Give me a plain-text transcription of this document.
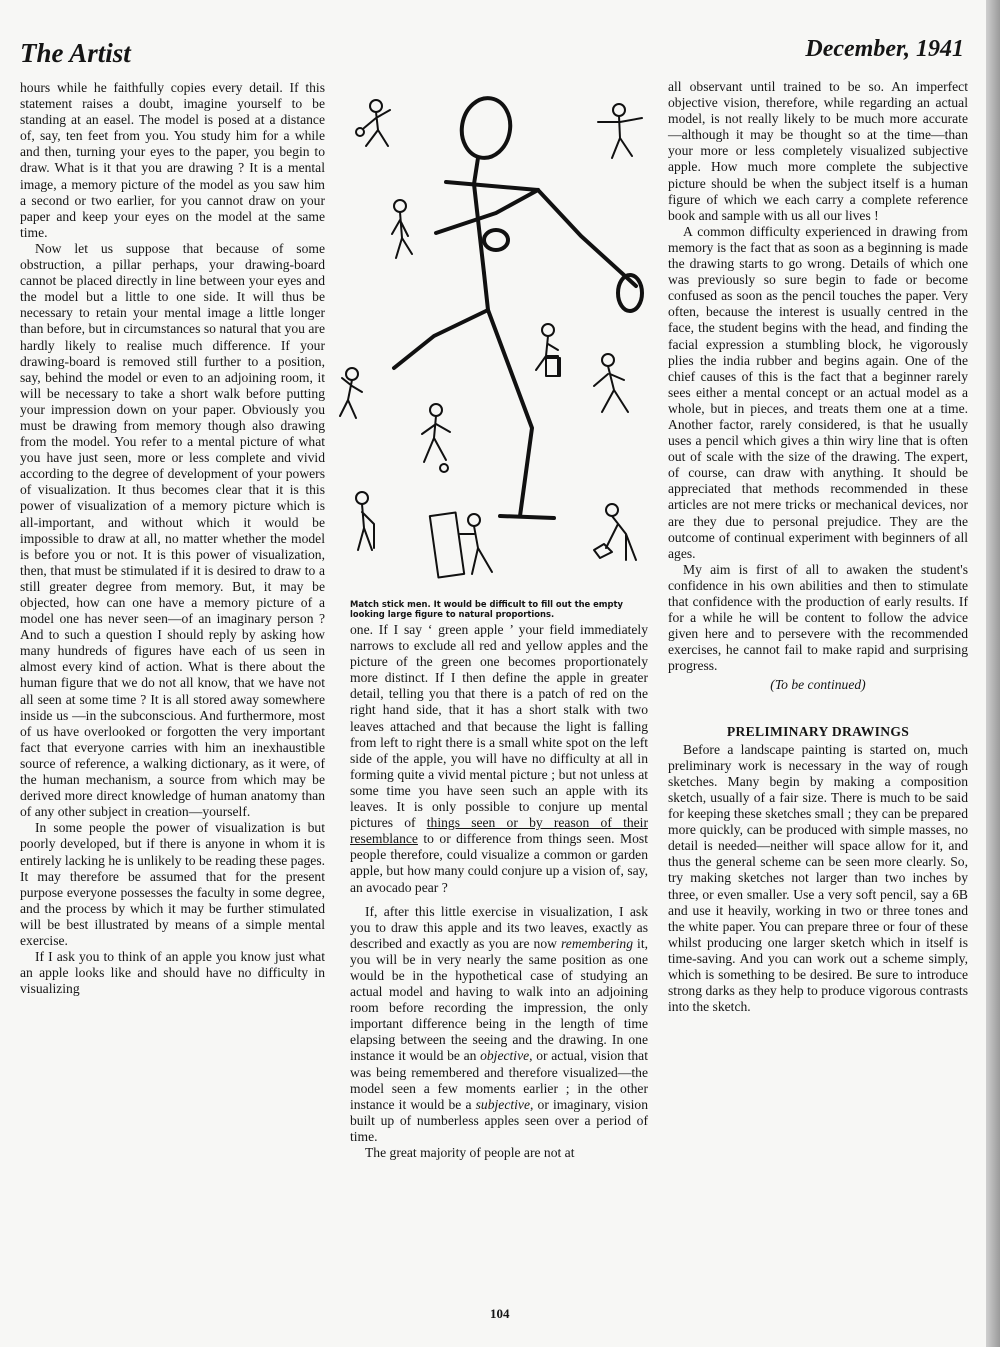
The Artist	December, 1941

hours while he faithfully copies every detail. If this statement raises a doubt, imagine yourself to be standing at an easel. The model is posed at a distance of, say, ten feet from you. You study him for a while and then, turning your eyes to the paper, you begin to draw. What is it that you are drawing ? It is a mental image, a memory picture of the model as you saw him a second or two earlier, for you cannot draw on your paper and keep your eyes on the model at the same time.

Now let us suppose that because of some obstruction, a pillar perhaps, your drawing-board cannot be placed directly in line between your eyes and the model but a little to one side. It will thus be necessary to retain your mental image a little longer than before, but in circumstances so natural that you are hardly likely to realise much difference. If your drawing-board is removed still further to a position, say, behind the model or even to an adjoining room, it will be necessary to take a short walk before putting your impression down on your paper. Obviously you must be drawing from memory though also drawing from the model. You refer to a mental picture of what you have just seen, more or less complete and vivid according to the degree of development of your powers of visualization. It thus becomes clear that it is this power of visualization of a memory picture which is all-important, and without which it would be impossible to draw at all, no matter whether the model is before you or not. It is this power of visualization, then, that must be stimulated if it is desired to draw to a still greater degree from memory. But, it may be objected, how can one have a memory picture of a model one has never seen—of an imaginary person ? And to such a question I should reply by asking how many hundreds of figures have each of us seen in almost every kind of action. What is there about the human figure that we do not all know, that we have not all seen at some time ? It is all stored away somewhere inside us —in the subconscious. And furthermore, most of us have overlooked or forgotten the very important fact that everyone carries with him an inexhaustible source of reference, a walking dictionary, as it were, of the human mechanism, a source from which may be derived more direct knowledge of human anatomy than of any other subject in creation—yourself.

In some people the power of visualization is but poorly developed, but if there is anyone in whom it is entirely lacking he is unlikely to be reading these pages. It may therefore be assumed that for the present purpose everyone possesses the faculty in some degree, and the process by which it may be further stimulated will be best illustrated by means of a simple mental exercise.

If I ask you to think of an apple you know just what an apple looks like and should have no difficulty in visualizing

Match stick men. It would be difficult to fill out the empty looking large figure to natural proportions.

one. If I say ‘ green apple ’ your field immediately narrows to exclude all red and yellow apples and the picture of the green one becomes proportionately more distinct. If I then define the apple in greater detail, telling you that there is a patch of red on the right hand side, that it has a short stalk with two leaves attached and that because the light is falling from left to right there is a small white spot on the left side of the apple, you will have no difficulty at all in forming quite a vivid mental picture ; but not unless at some time you have seen such an apple with its leaves. It is only possible to conjure up mental pictures of things seen or by reason of their resemblance to or difference from things seen. Most people therefore, could visualize a common or garden apple, but how many could conjure up a vision of, say, an avocado pear ?

If, after this little exercise in visualization, I ask you to draw this apple and its two leaves, exactly as described and exactly as you are now remembering it, you will be in very nearly the same position as one would be in the hypothetical case of studying an actual model and having to walk into an adjoining room before recording the impression, the only important difference being in the length of time elapsing between the seeing and the drawing. In one instance it would be an objective, or actual, vision that was being remembered and therefore visualized—the model seen a few moments earlier ; in the other instance it would be a subjective, or imaginary, vision built up of numberless apples seen over a period of time.

The great majority of people are not at

all observant until trained to be so. An imperfect objective vision, therefore, while regarding an actual model, is not really likely to be much more accurate —although it may be thought so at the time—than your more or less completely visualized subjective apple. How much more complete the subjective picture should be when the subject itself is a human figure of which we each carry a complete reference book and sample with us all our lives !

A common difficulty experienced in drawing from memory is the fact that as soon as a beginning is made the drawing starts to go wrong. Details of which one was previously so sure begin to fade or become confused as soon as the pencil touches the paper. Very often, because the interest is usually centred in the face, the student begins with the head, and finding the facial expression a stumbling block, he vigorously plies the india rubber and begins again. One of the chief causes of this is the fact that a beginner rarely sees either a mental concept or an actual model as a whole, but in pieces, and treats them one at a time. Another factor, rarely considered, is that he usually uses a pencil which gives a thin wiry line that is often out of scale with the size of the drawing. The expert, of course, can draw with anything. It should be appreciated that methods recommended in these articles are not mere tricks or mechanical devices, nor are they due to personal prejudice. They are the outcome of continual experiment with beginners of all ages.

My aim is first of all to awaken the student's confidence in his own abilities and then to stimulate that confidence with the production of early results. If for a while he will be content to follow the advice given here and to persevere with the recommended exercises, he cannot fail to make rapid and surprising progress.

(To be continued)

PRELIMINARY DRAWINGS

Before a landscape painting is started on, much preliminary work is necessary in the way of rough sketches. Many begin by making a composition sketch, usually of a fair size. There is much to be said for keeping these sketches small ; they can be prepared more quickly, can be produced with simple masses, no detail is needed—neither will space allow for it, and thus the general scheme can be seen more clearly. So, try making sketches not larger than two inches by three, or even smaller. Use a very soft pencil, say a 6B and use it heavily, working in two or three tones and the white paper. You can prepare three or four of these whilst producing one larger sketch which in itself is time-saving. And you can work out a scheme simply, which is something to be desired. Be sure to introduce strong darks as they help to produce vigorous contrasts into the sketch.

104
